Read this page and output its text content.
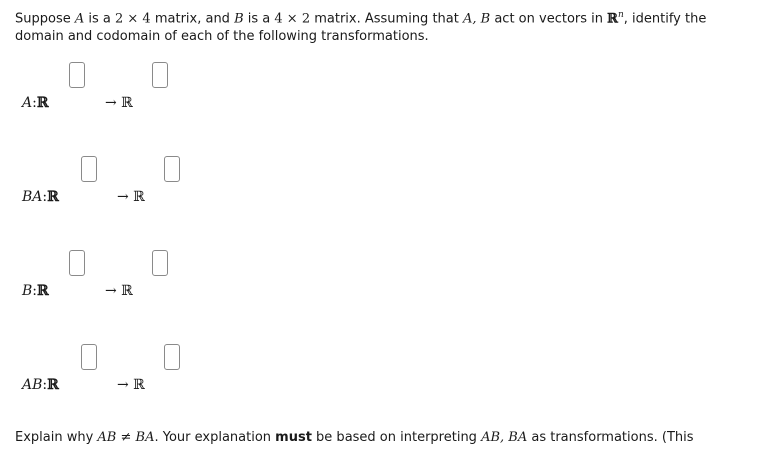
Suppose A is a 2 × 4 matrix, and B is a 4 × 2 matrix. Assuming that A, B act on vectors in ℝ$^n$, identify the domain and codomain of each of the following transformations.
A:ℝ	→ ℝ
BA:ℝ	→ ℝ
B:ℝ	→ ℝ
AB:ℝ	→ ℝ
Explain why AB ≠ BA. Your explanation must be based on interpreting AB, BA as transformations. (This
